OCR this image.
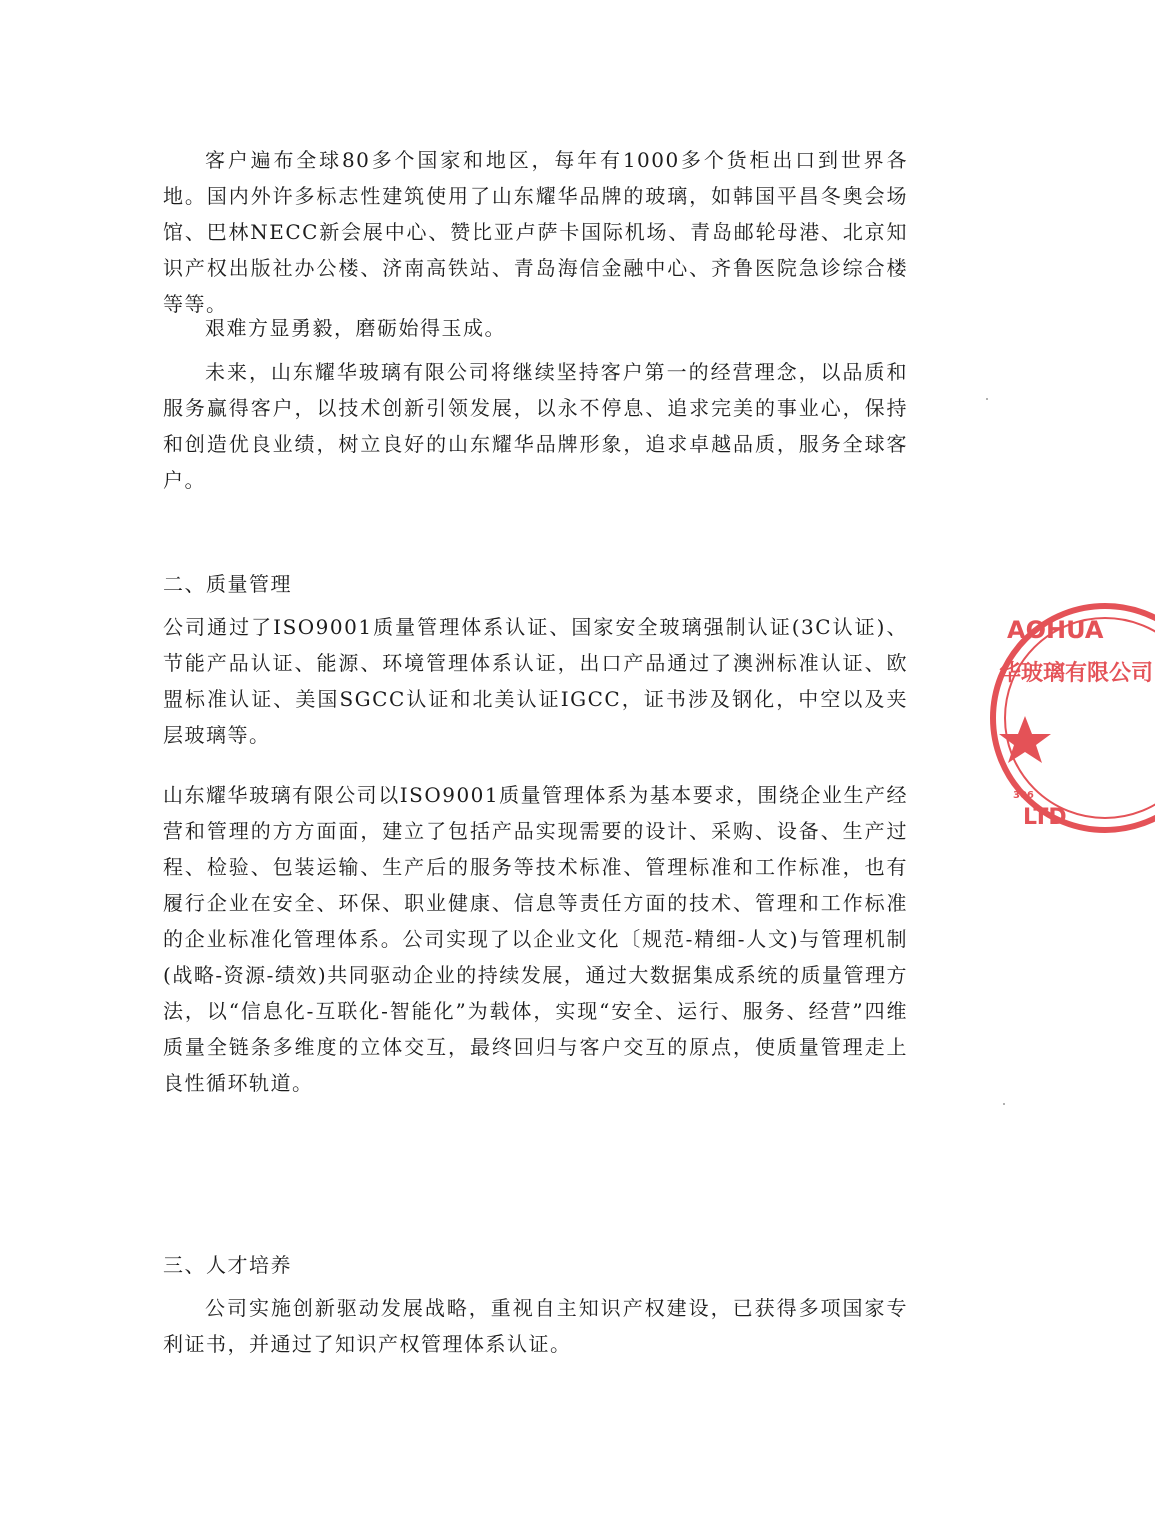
客户遍布全球80多个国家和地区，每年有1000多个货柜出口到世界各地。国内外许多标志性建筑使用了山东耀华品牌的玻璃，如韩国平昌冬奥会场馆、巴林NECC新会展中心、赞比亚卢萨卡国际机场、青岛邮轮母港、北京知识产权出版社办公楼、济南高铁站、青岛海信金融中心、齐鲁医院急诊综合楼等等。

艰难方显勇毅，磨砺始得玉成。

未来，山东耀华玻璃有限公司将继续坚持客户第一的经营理念，以品质和服务赢得客户，以技术创新引领发展，以永不停息、追求完美的事业心，保持和创造优良业绩，树立良好的山东耀华品牌形象，追求卓越品质，服务全球客户。

二、质量管理

公司通过了ISO9001质量管理体系认证、国家安全玻璃强制认证(3C认证)、节能产品认证、能源、环境管理体系认证，出口产品通过了澳洲标准认证、欧盟标准认证、美国SGCC认证和北美认证IGCC，证书涉及钢化，中空以及夹层玻璃等。

山东耀华玻璃有限公司以ISO9001质量管理体系为基本要求，围绕企业生产经营和管理的方方面面，建立了包括产品实现需要的设计、采购、设备、生产过程、检验、包装运输、生产后的服务等技术标准、管理标准和工作标准，也有履行企业在安全、环保、职业健康、信息等责任方面的技术、管理和工作标准的企业标准化管理体系。公司实现了以企业文化〔规范-精细-人文)与管理机制(战略-资源-绩效)共同驱动企业的持续发展，通过大数据集成系统的质量管理方法，以“信息化-互联化-智能化”为载体，实现“安全、运行、服务、经营”四维质量全链条多维度的立体交互，最终回归与客户交互的原点，使质量管理走上良性循环轨道。

三、人才培养

公司实施创新驱动发展战略，重视自主知识产权建设，已获得多项国家专利证书，并通过了知识产权管理体系认证。

AOHUA
华玻璃有限公司
306
LTD
